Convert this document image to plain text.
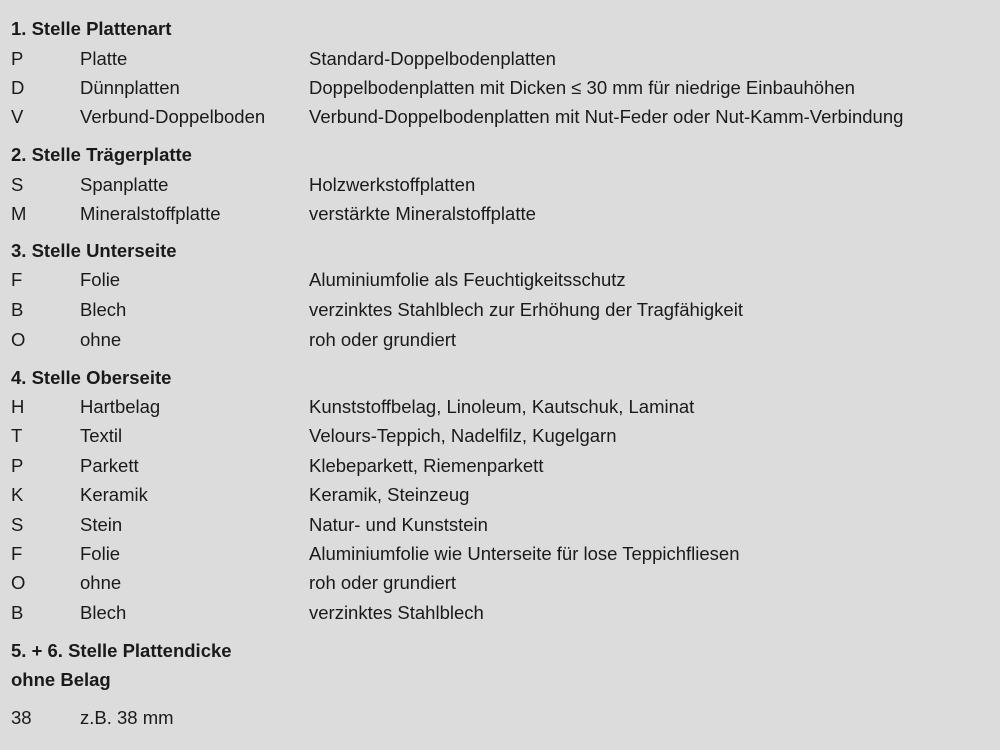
1. Stelle Plattenart
P	Platte	Standard-Doppelbodenplatten
D	Dünnplatten	Doppelbodenplatten mit Dicken ≤ 30 mm für niedrige Einbauhöhen
V	Verbund-Doppelboden	Verbund-Doppelbodenplatten mit Nut-Feder oder Nut-Kamm-Verbindung
2. Stelle Trägerplatte
S	Spanplatte	Holzwerkstoffplatten
M	Mineralstoffplatte	verstärkte Mineralstoffplatte
3. Stelle Unterseite
F	Folie	Aluminiumfolie als Feuchtigkeitsschutz
B	Blech	verzinktes Stahlblech zur Erhöhung der Tragfähigkeit
O	ohne	roh oder grundiert
4. Stelle Oberseite
H	Hartbelag	Kunststoffbelag, Linoleum, Kautschuk, Laminat
T	Textil	Velours-Teppich, Nadelfilz, Kugelgarn
P	Parkett	Klebeparkett, Riemenparkett
K	Keramik	Keramik, Steinzeug
S	Stein	Natur- und Kunststein
F	Folie	Aluminiumfolie wie Unterseite für lose Teppichfliesen
O	ohne	roh oder grundiert
B	Blech	verzinktes Stahlblech
5. + 6. Stelle Plattendicke
ohne Belag
38	z.B. 38 mm
